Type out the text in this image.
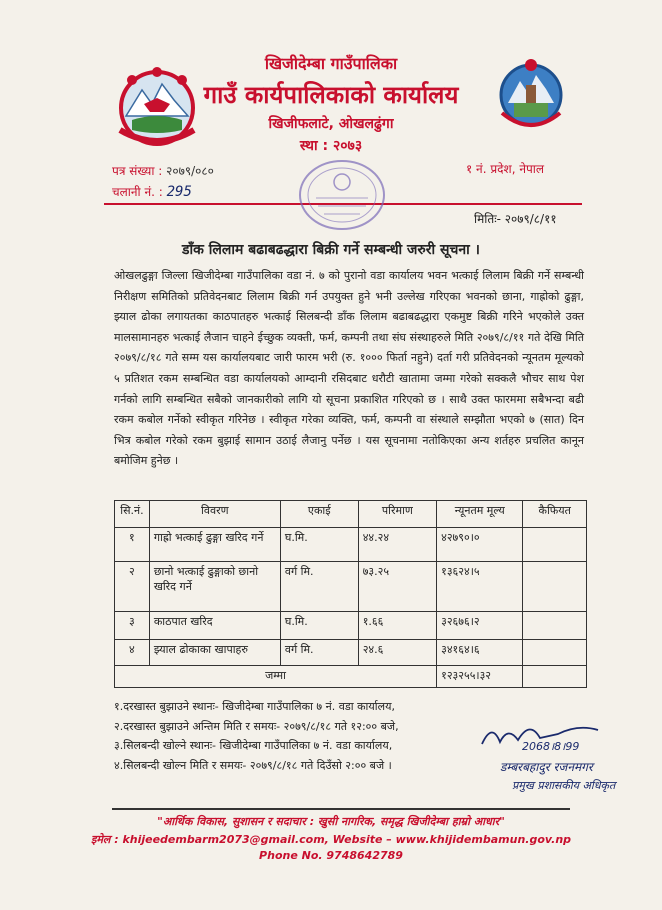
खिजीदेम्बा गाउँपालिका
गाउँ कार्यपालिकाको कार्यालय
खिजीफलाटे, ओखलढुंगा
स्था : २०७३
पत्र संख्या : २०७९/०८०
चलानी नं. : 295
१ नं. प्रदेश, नेपाल
मितिः- २०७९/८/११
डाँक लिलाम बढाबढद्धारा बिक्री गर्ने सम्बन्धी जरुरी सूचना ।
ओखलढुङ्गा जिल्ला खिजीदेम्बा गाउँपालिका वडा नं. ७ को पुरानो वडा कार्यालय भवन भत्काई लिलाम बिक्री गर्ने सम्बन्धी निरीक्षण समितिको प्रतिवेदनबाट लिलाम बिक्री गर्न उपयुक्त हुने भनी उल्लेख गरिएका भवनको छाना, गाह्रोको ढुङ्गा, झ्याल ढोका लगायतका काठपातहरु भत्काई सिलबन्दी डाँक लिलाम बढाबढद्धारा एकमुष्ट बिक्री गरिने भएकोले उक्त मालसामानहरु भत्काई लैजान चाहने ईच्छुक व्यक्ती, फर्म, कम्पनी तथा संघ संस्थाहरुले मिति २०७९/८/११ गते देखि मिति २०७९/८/१८ गते सम्म यस कार्यालयबाट जारी फारम भरी (रु. १००० फिर्ता नहुने) दर्ता गरी प्रतिवेदनको न्यूनतम मूल्यको ५ प्रतिशत रकम सम्बन्धित वडा कार्यालयको आम्दानी रसिदबाट धरौटी खातामा जम्मा गरेको सक्कलै भौचर साथ पेश गर्नको लागि सम्बन्धित सबैको जानकारीको लागि यो सूचना प्रकाशित गरिएको छ । साथै उक्त फारममा सबैभन्दा बढी रकम कबोल गर्नेको स्वीकृत गरिनेछ । स्वीकृत गरेका व्यक्ति, फर्म, कम्पनी वा संस्थाले सम्झौता भएको ७ (सात) दिन भित्र कबोल गरेको रकम बुझाई सामान उठाई लैजानु पर्नेछ । यस सूचनामा नतोकिएका अन्य शर्तहरु प्रचलित कानून बमोजिम हुनेछ ।
सि.नं.	विवरण	एकाई	परिमाण	न्यूनतम मूल्य	कैफियत
१	गाह्रो भत्काई ढुङ्गा खरिद गर्ने	घ.मि.	४४.२४	४२७९०।०	
२	छानो भत्काई ढुङ्गाको छानो खरिद गर्ने	वर्ग मि.	७३.२५	१३६२४।५	
३	काठपात खरिद	घ.मि.	१.६६	३२६७६।२	
४	झ्याल ढोकाका खापाहरु	वर्ग मि.	२४.६	३४१६४।६	
जम्मा				१२३२५५।३२	
१.दरखास्त बुझाउने स्थानः- खिजीदेम्बा गाउँपालिका ७ नं. वडा कार्यालय,
२.दरखास्त बुझाउने अन्तिम मिति र समयः- २०७९/८/१८ गते १२:०० बजे,
३.सिलबन्दी खोल्ने स्थानः- खिजीदेम्बा गाउँपालिका ७ नं. वडा कार्यालय,
४.सिलबन्दी खोल्न मिति र समयः- २०७९/८/१८ गते दिउँसो २:०० बजे ।
2068।8।99
डम्बरबहादुर रजनमगर
प्रमुख प्रशासकीय अधिकृत
"आर्थिक विकास, सुशासन र सदाचार : खुसी नागरिक, समृद्ध खिजीदेम्बा हाम्रो आधार"
इमेल : khijeedembarm2073@gmail.com, Website – www.khijidembamun.gov.np
Phone No. 9748642789
